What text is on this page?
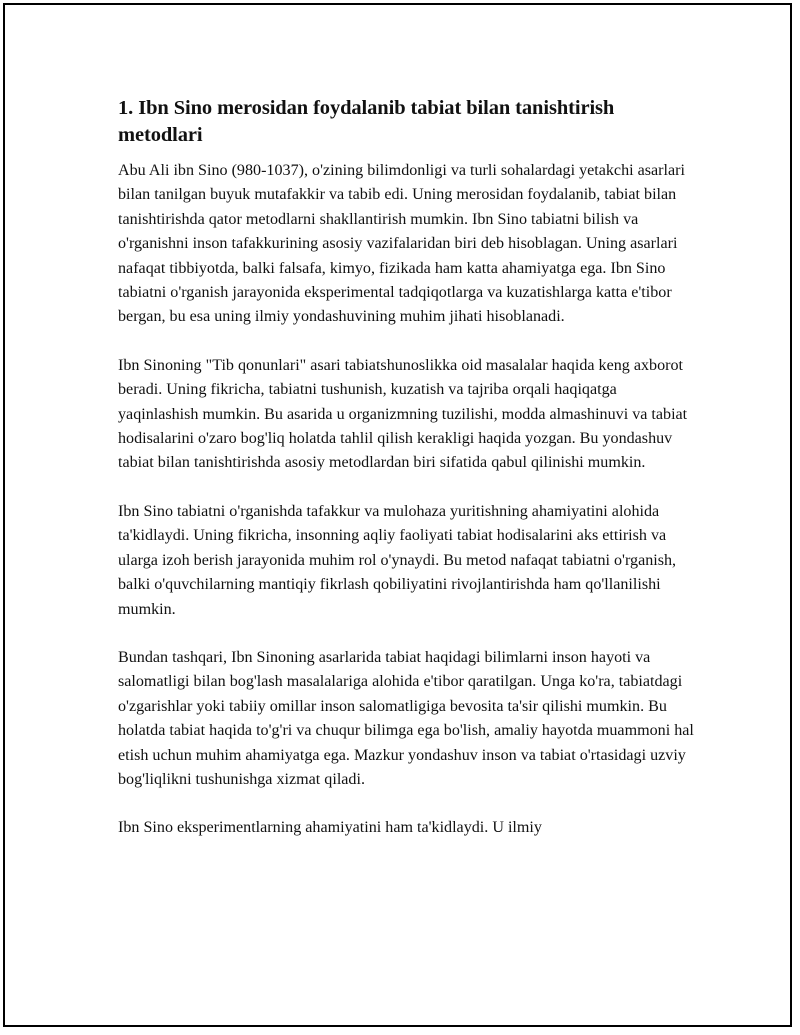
1. Ibn Sino merosidan foydalanib tabiat bilan tanishtirish metodlari

Abu Ali ibn Sino (980-1037), o'zining bilimdonligi va turli sohalardagi yetakchi asarlari bilan tanilgan buyuk mutafakkir va tabib edi. Uning merosidan foydalanib, tabiat bilan tanishtirishda qator metodlarni shakllantirish mumkin. Ibn Sino tabiatni bilish va o'rganishni inson tafakkurining asosiy vazifalaridan biri deb hisoblagan. Uning asarlari nafaqat tibbiyotda, balki falsafa, kimyo, fizikada ham katta ahamiyatga ega. Ibn Sino tabiatni o'rganish jarayonida eksperimental tadqiqotlarga va kuzatishlarga katta e'tibor bergan, bu esa uning ilmiy yondashuvining muhim jihati hisoblanadi.

Ibn Sinoning "Tib qonunlari" asari tabiatshunoslikka oid masalalar haqida keng axborot beradi. Uning fikricha, tabiatni tushunish, kuzatish va tajriba orqali haqiqatga yaqinlashish mumkin. Bu asarida u organizmning tuzilishi, modda almashinuvi va tabiat hodisalarini o'zaro bog'liq holatda tahlil qilish kerakligi haqida yozgan. Bu yondashuv tabiat bilan tanishtirishda asosiy metodlardan biri sifatida qabul qilinishi mumkin.

Ibn Sino tabiatni o'rganishda tafakkur va mulohaza yuritishning ahamiyatini alohida ta'kidlaydi. Uning fikricha, insonning aqliy faoliyati tabiat hodisalarini aks ettirish va ularga izoh berish jarayonida muhim rol o'ynaydi. Bu metod nafaqat tabiatni o'rganish, balki o'quvchilarning mantiqiy fikrlash qobiliyatini rivojlantirishda ham qo'llanilishi mumkin.

Bundan tashqari, Ibn Sinoning asarlarida tabiat haqidagi bilimlarni inson hayoti va salomatligi bilan bog'lash masalalariga alohida e'tibor qaratilgan. Unga ko'ra, tabiatdagi o'zgarishlar yoki tabiiy omillar inson salomatligiga bevosita ta'sir qilishi mumkin. Bu holatda tabiat haqida to'g'ri va chuqur bilimga ega bo'lish, amaliy hayotda muammoni hal etish uchun muhim ahamiyatga ega. Mazkur yondashuv inson va tabiat o'rtasidagi uzviy bog'liqlikni tushunishga xizmat qiladi.

Ibn Sino eksperimentlarning ahamiyatini ham ta'kidlaydi. U ilmiy
